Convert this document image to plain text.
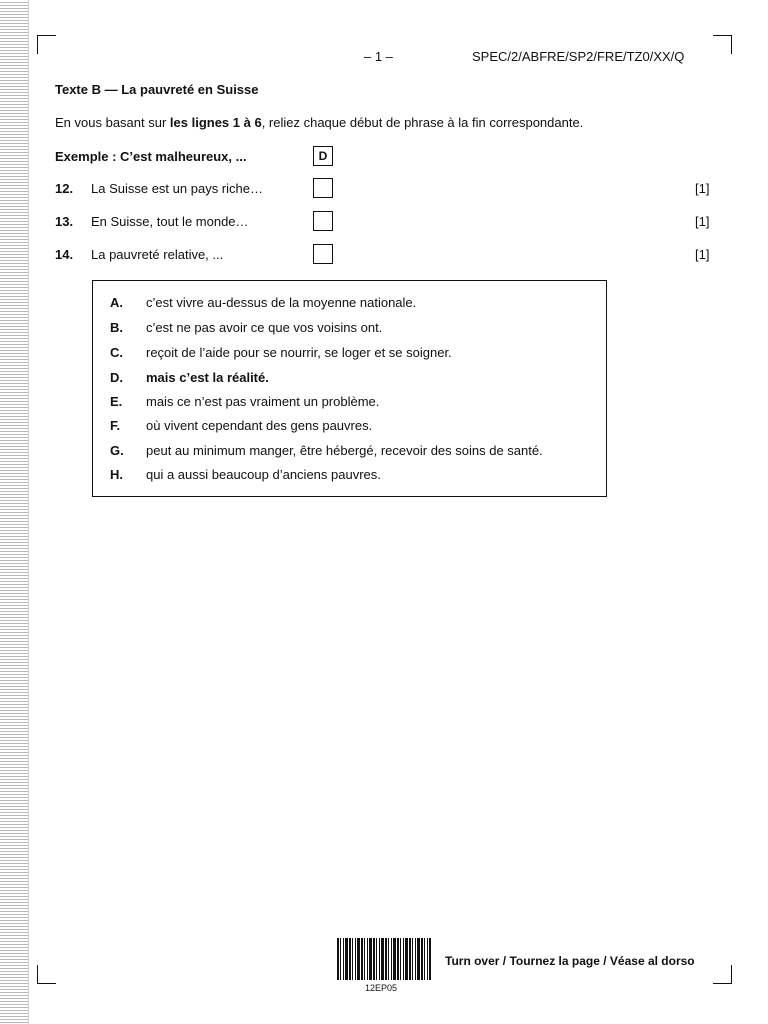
– 1 –	SPEC/2/ABFRE/SP2/FRE/TZ0/XX/Q
Texte B — La pauvreté en Suisse
En vous basant sur les lignes 1 à 6, reliez chaque début de phrase à la fin correspondante.
Exemple : C’est malheureux, ...	D
12. La Suisse est un pays riche…	[1]
13. En Suisse, tout le monde…	[1]
14. La pauvreté relative, ...	[1]
A. c’est vivre au-dessus de la moyenne nationale.
B. c’est ne pas avoir ce que vos voisins ont.
C. reçoit de l’aide pour se nourrir, se loger et se soigner.
D. mais c’est la réalité.
E. mais ce n’est pas vraiment un problème.
F. où vivent cependant des gens pauvres.
G. peut au minimum manger, être hébergé, recevoir des soins de santé.
H. qui a aussi beaucoup d’anciens pauvres.
12EP05
Turn over / Tournez la page / Véase al dorso
